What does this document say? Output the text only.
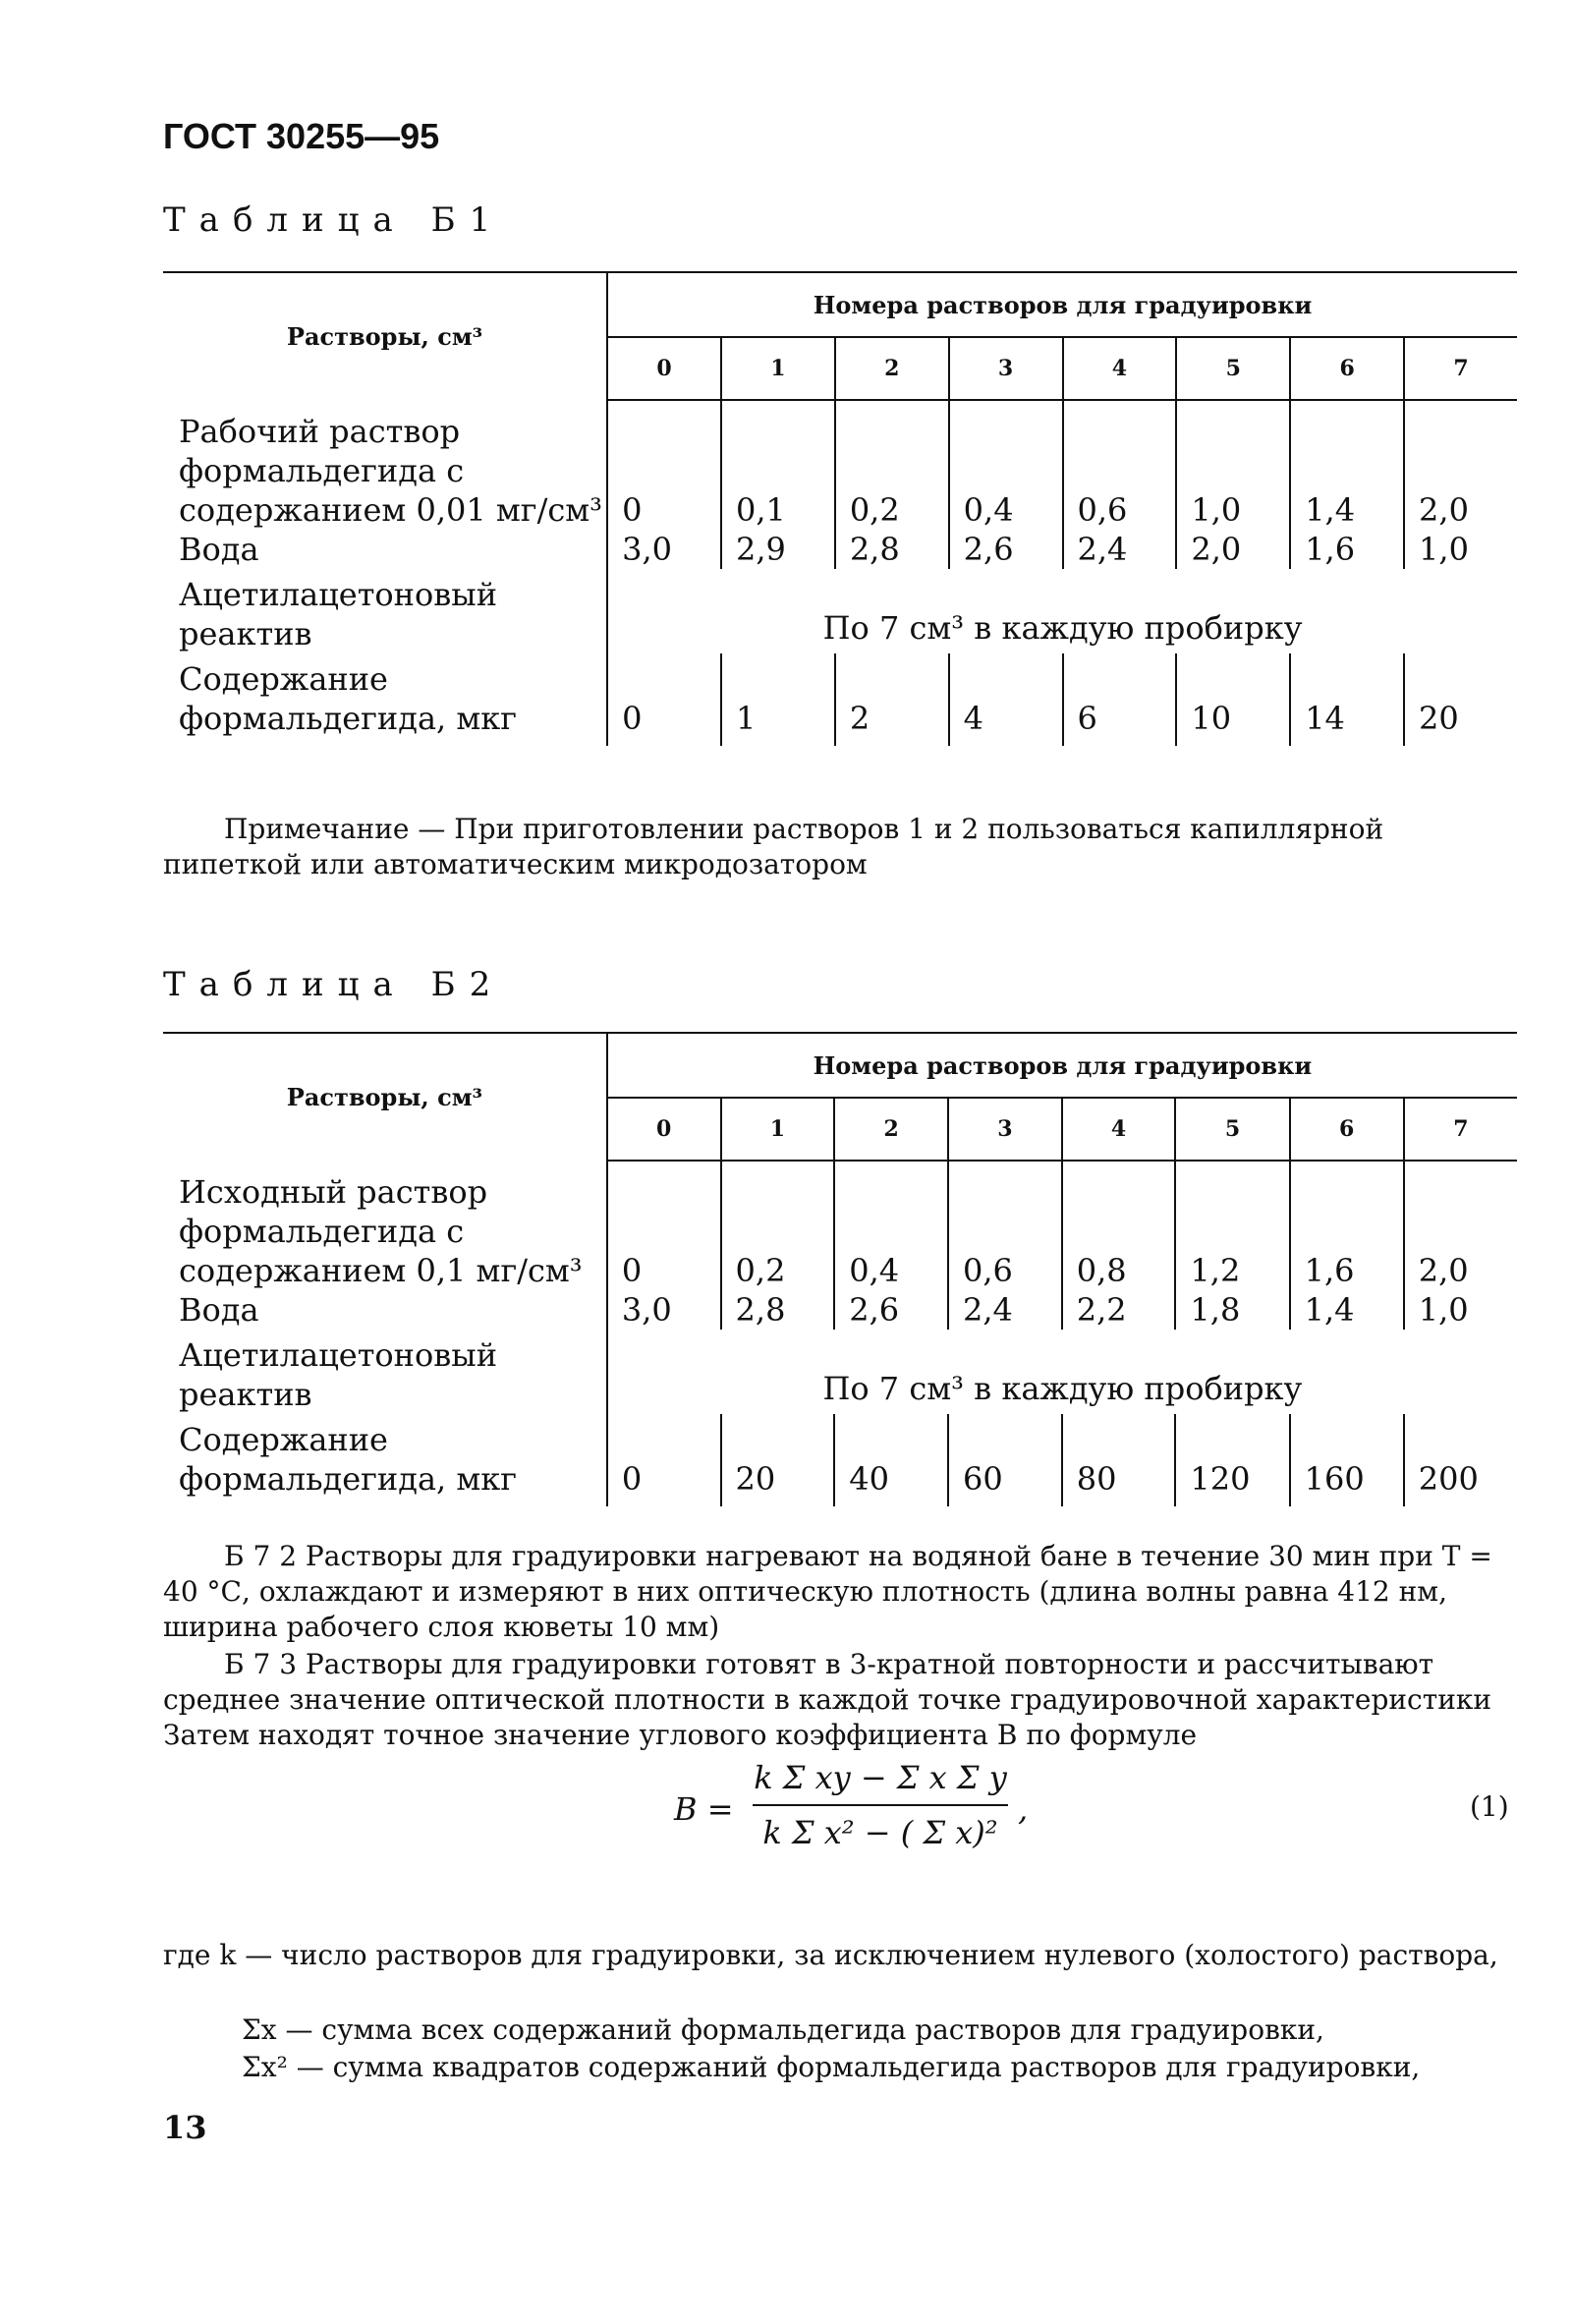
ГОСТ 30255—95
Таблица Б1
Растворы, см³	Номера растворов для градуировки							
	0	1	2	3	4	5	6	7
Рабочий раствор формальдегида с содержанием 0,01 мг/см³	0	0,1	0,2	0,4	0,6	1,0	1,4	2,0
Вода	3,0	2,9	2,8	2,6	2,4	2,0	1,6	1,0
Ацетилацетоновый реактив	По 7 см³ в каждую пробирку							
Содержание формальдегида, мкг	0	1	2	4	6	10	14	20
Примечание — При приготовлении растворов 1 и 2 пользоваться капиллярной пипеткой или автоматическим микродозатором
Таблица Б2
Растворы, см³	Номера растворов для градуировки							
	0	1	2	3	4	5	6	7
Исходный раствор формальдегида с содержанием 0,1 мг/см³	0	0,2	0,4	0,6	0,8	1,2	1,6	2,0
Вода	3,0	2,8	2,6	2,4	2,2	1,8	1,4	1,0
Ацетилацетоновый реактив	По 7 см³ в каждую пробирку							
Содержание формальдегида, мкг	0	20	40	60	80	120	160	200
Б 7 2 Растворы для градуировки нагревают на водяной бане в течение 30 мин при T = 40 °С, охлаждают и измеряют в них оптическую плотность (длина волны равна 412 нм, ширина рабочего слоя кюветы 10 мм)
Б 7 3 Растворы для градуировки готовят в 3-кратной повторности и рассчитывают среднее значение оптической плотности в каждой точке градуировочной характеристики Затем находят точное значение углового коэффициента В по формуле
В =
k Σ xy − Σ x Σ y
k Σ x² − ( Σ x)²
,	(1)
где k — число растворов для градуировки, за исключением нулевого (холостого) раствора,
Σx — сумма всех содержаний формальдегида растворов для градуировки,
Σx² — сумма квадратов содержаний формальдегида растворов для градуировки,
13
